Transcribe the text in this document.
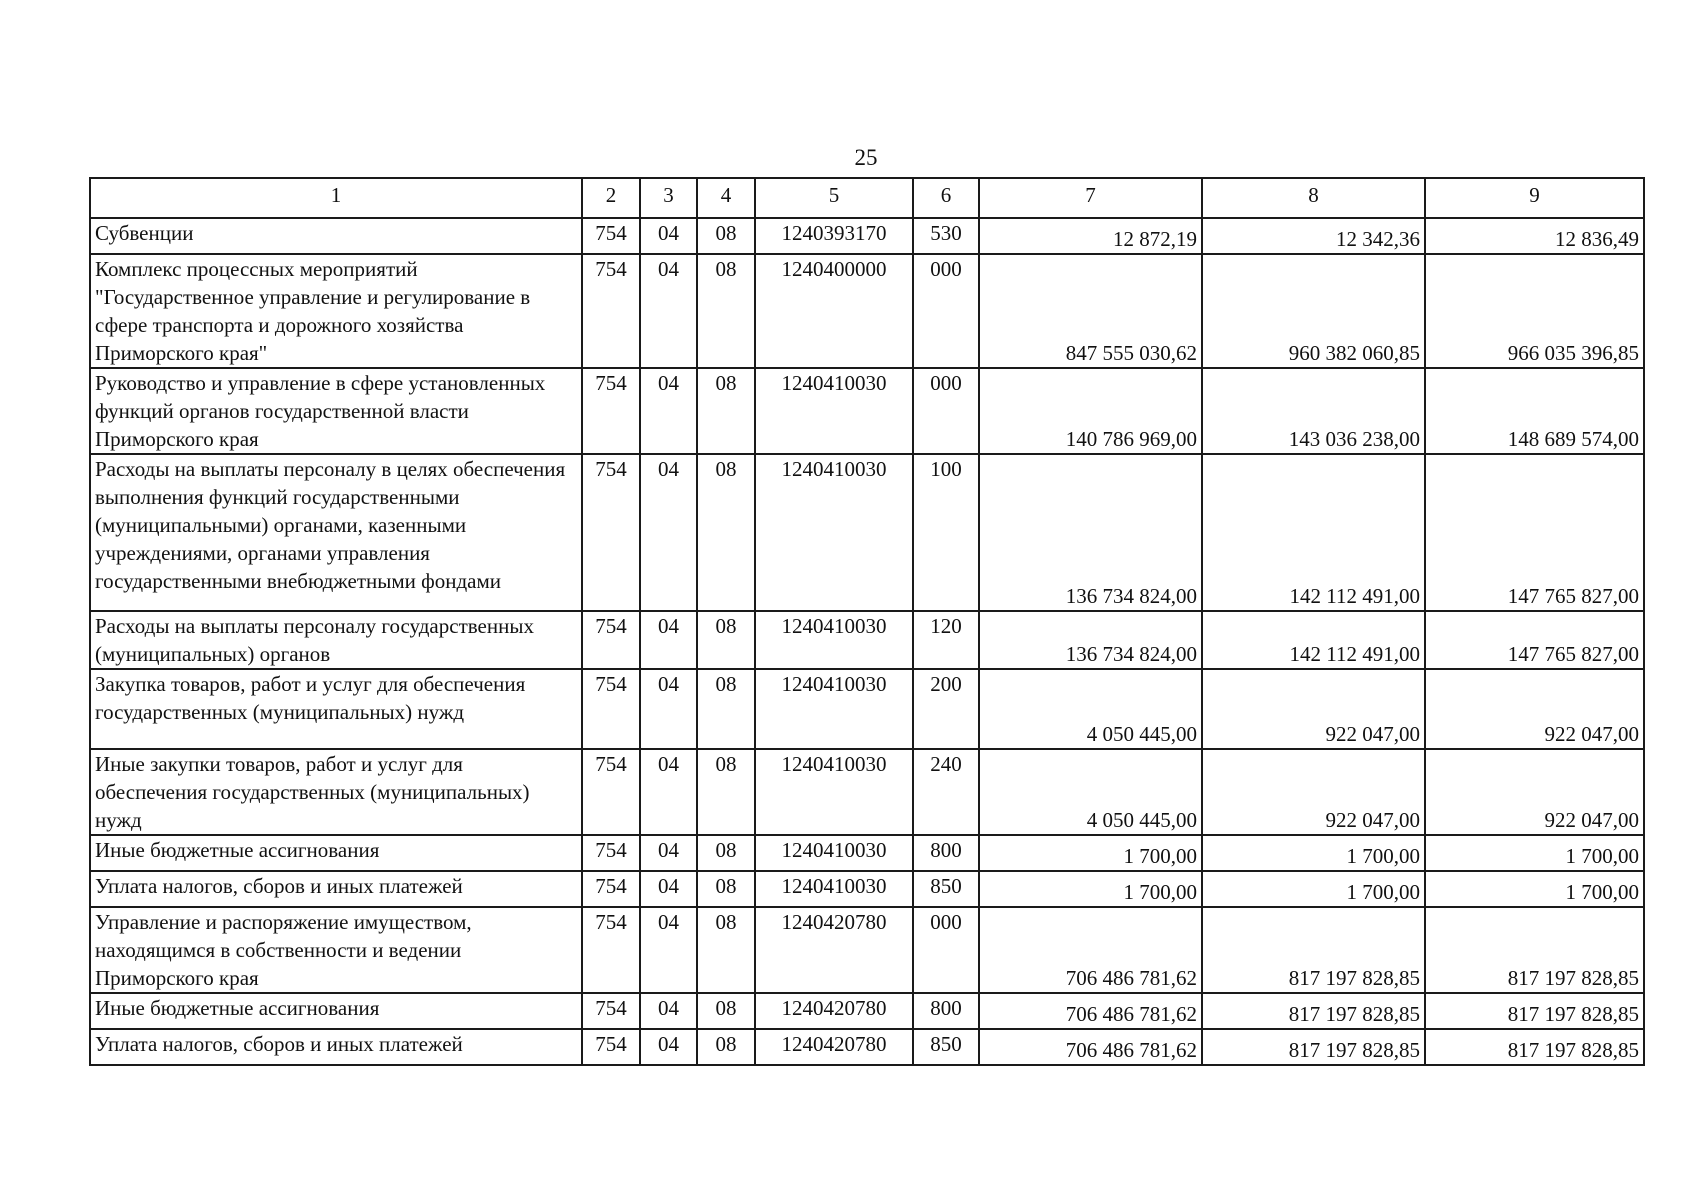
25
1	2	3	4	5	6	7	8	9
Субвенции	754	04	08	1240393170	530	12 872,19	12 342,36	12 836,49
Комплекс процессных мероприятий "Государственное управление и регулирование в сфере транспорта и дорожного хозяйства Приморского края"	754	04	08	1240400000	000	847 555 030,62	960 382 060,85	966 035 396,85
Руководство и управление в сфере установленных функций органов государственной власти Приморского края	754	04	08	1240410030	000	140 786 969,00	143 036 238,00	148 689 574,00
Расходы на выплаты персоналу в целях обеспечения выполнения функций государственными (муниципальными) органами, казенными учреждениями, органами управления государственными внебюджетными фондами	754	04	08	1240410030	100	136 734 824,00	142 112 491,00	147 765 827,00
Расходы на выплаты персоналу государственных (муниципальных) органов	754	04	08	1240410030	120	136 734 824,00	142 112 491,00	147 765 827,00
Закупка товаров, работ и услуг для обеспечения государственных (муниципальных) нужд	754	04	08	1240410030	200	4 050 445,00	922 047,00	922 047,00
Иные закупки товаров, работ и услуг для обеспечения государственных (муниципальных) нужд	754	04	08	1240410030	240	4 050 445,00	922 047,00	922 047,00
Иные бюджетные ассигнования	754	04	08	1240410030	800	1 700,00	1 700,00	1 700,00
Уплата налогов, сборов и иных платежей	754	04	08	1240410030	850	1 700,00	1 700,00	1 700,00
Управление и распоряжение имуществом, находящимся в собственности и ведении Приморского края	754	04	08	1240420780	000	706 486 781,62	817 197 828,85	817 197 828,85
Иные бюджетные ассигнования	754	04	08	1240420780	800	706 486 781,62	817 197 828,85	817 197 828,85
Уплата налогов, сборов и иных платежей	754	04	08	1240420780	850	706 486 781,62	817 197 828,85	817 197 828,85
